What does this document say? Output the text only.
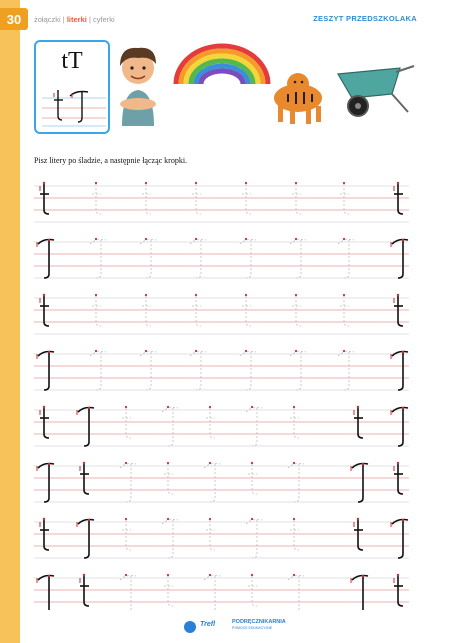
30	żołączki | literki | cyferki	ZESZYT PRZEDSZKOLAKA
tT
Pisz litery po śladzie, a następnie łącząc kropki.
Trefl	PODRĘCZNIKARNIA
POMOCE EDUKACYJNE
